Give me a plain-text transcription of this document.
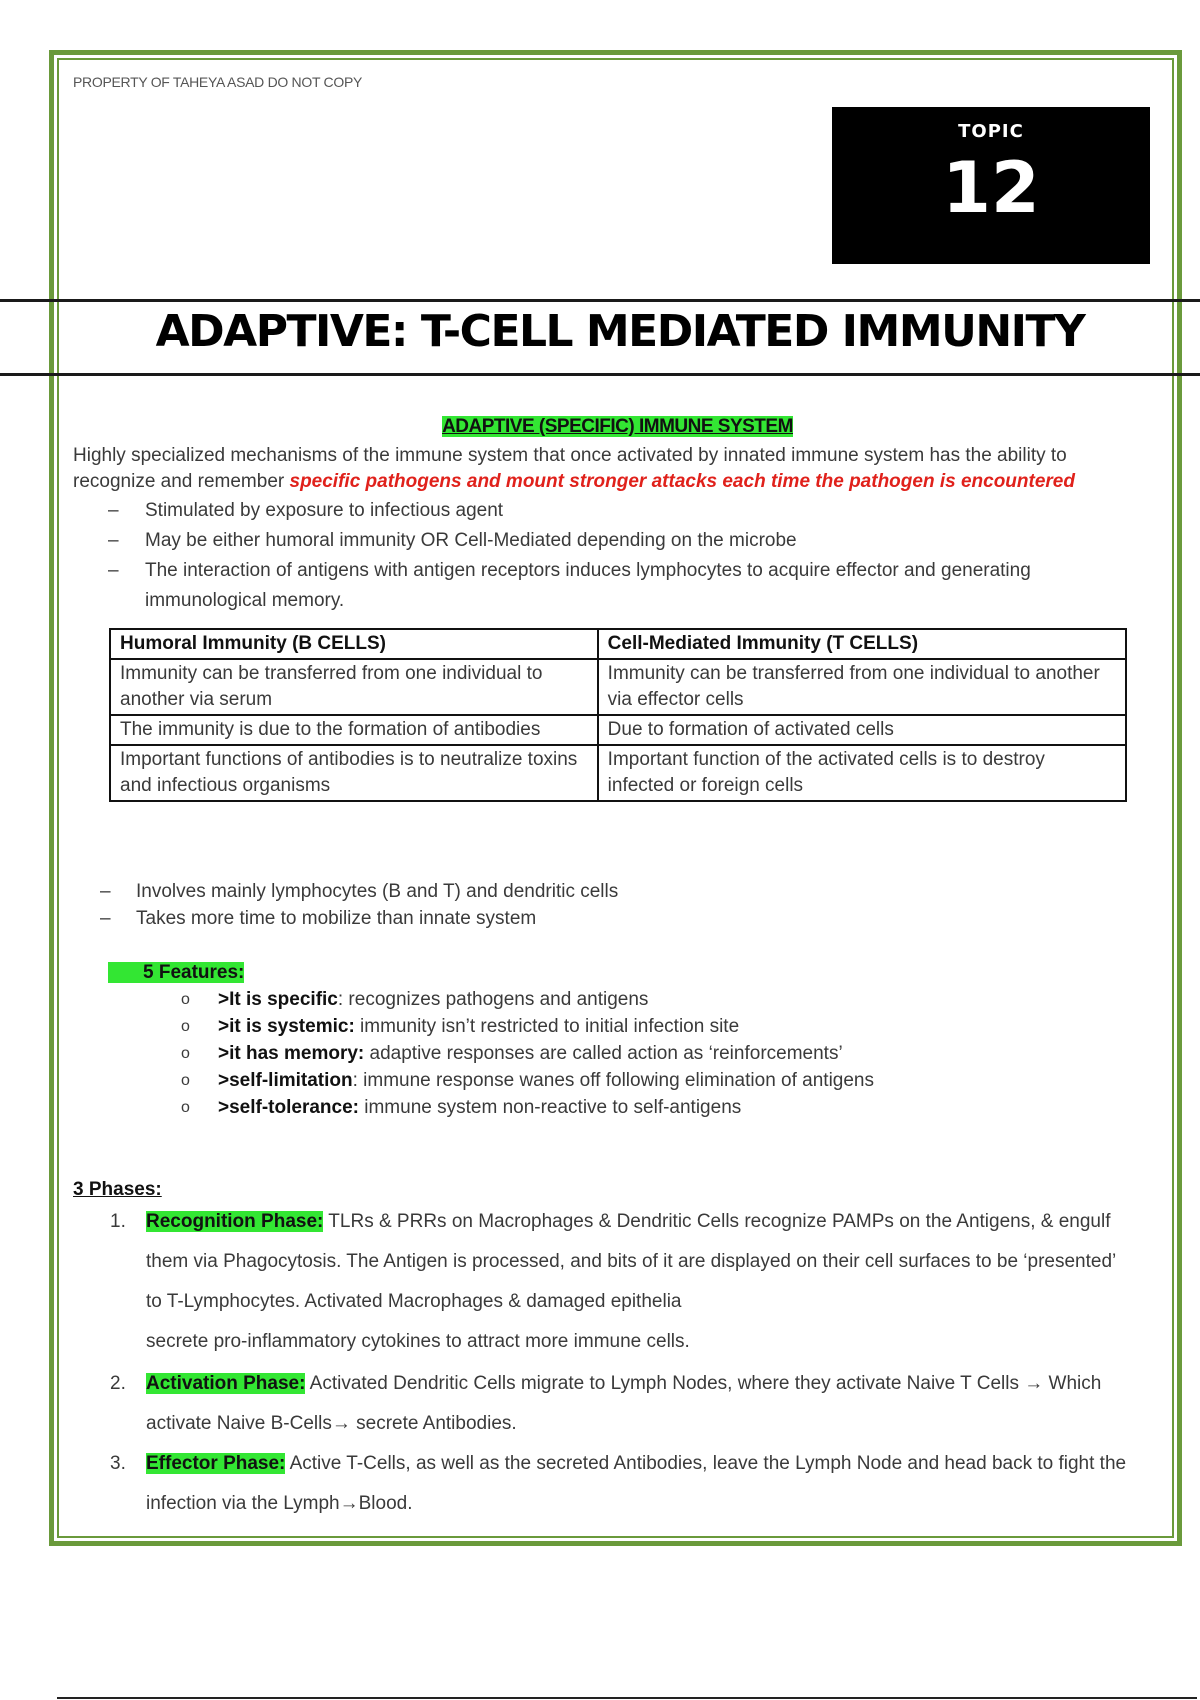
PROPERTY OF TAHEYA ASAD DO NOT COPY
TOPIC
12
ADAPTIVE: T-CELL MEDIATED IMMUNITY
ADAPTIVE (SPECIFIC) IMMUNE SYSTEM
Highly specialized mechanisms of the immune system that once activated by innated immune system has the ability to recognize and remember specific pathogens and mount stronger attacks each time the pathogen is encountered
– Stimulated by exposure to infectious agent
– May be either humoral immunity OR Cell-Mediated depending on the microbe
– The interaction of antigens with antigen receptors induces lymphocytes to acquire effector and generating immunological memory.
Humoral Immunity (B CELLS)	Cell-Mediated Immunity (T CELLS)
Immunity can be transferred from one individual to another via serum	Immunity can be transferred from one individual to another via effector cells
The immunity is due to the formation of antibodies	Due to formation of activated cells
Important functions of antibodies is to neutralize toxins and infectious organisms	Important function of the activated cells is to destroy infected or foreign cells
– Involves mainly lymphocytes (B and T) and dendritic cells
– Takes more time to mobilize than innate system
5 Features:
o >It is specific: recognizes pathogens and antigens
o >it is systemic: immunity isn’t restricted to initial infection site
o >it has memory: adaptive responses are called action as ‘reinforcements’
o >self-limitation: immune response wanes off following elimination of antigens
o >self-tolerance: immune system non-reactive to self-antigens
3 Phases:
1. Recognition Phase: TLRs & PRRs on Macrophages & Dendritic Cells recognize PAMPs on the Antigens, & engulf them via Phagocytosis. The Antigen is processed, and bits of it are displayed on their cell surfaces to be ‘presented’ to T-Lymphocytes. Activated Macrophages & damaged epithelia
secrete pro-inflammatory cytokines to attract more immune cells.
2. Activation Phase: Activated Dendritic Cells migrate to Lymph Nodes, where they activate Naive T Cells → Which activate Naive B-Cells→ secrete Antibodies.
3. Effector Phase: Active T-Cells, as well as the secreted Antibodies, leave the Lymph Node and head back to fight the infection via the Lymph→Blood.
